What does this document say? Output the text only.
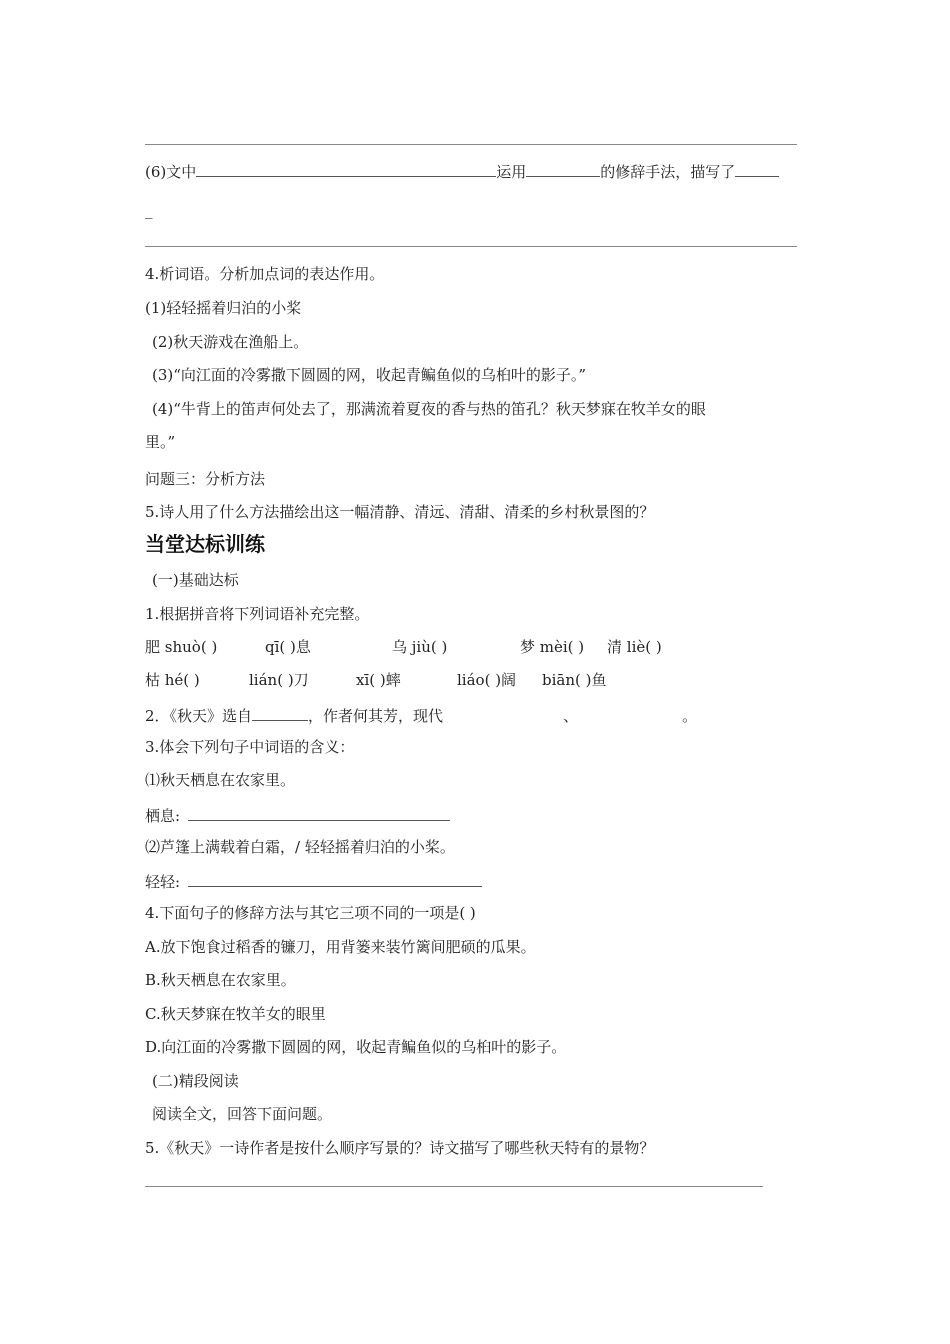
(6)文中	运用	的修辞手法，描写了
_
4.析词语。分析加点词的表达作用。
(1)轻轻摇着归泊的小桨
(2)秋天游戏在渔船上。
(3)“向江面的冷雾撒下圆圆的网，收起青鳊鱼似的乌桕叶的影子。”
(4)“牛背上的笛声何处去了，那满流着夏夜的香与热的笛孔？秋天梦寐在牧羊女的眼
里。”
问题三：分析方法
5.诗人用了什么方法描绘出这一幅清静、清远、清甜、清柔的乡村秋景图的？
当堂达标训练
(一)基础达标
1.根据拼音将下列词语补充完整。
肥 shuò( )	qī( )息	乌 jiù( )	梦 mèi( ) 清 liè( )
枯 hé( )	lián( )刀	xī( )蟀	liáo( )阔 biān( )鱼
2．《秋天》选自	，作者何其芳，现代	、	。
3.体会下列句子中词语的含义：
⑴秋天栖息在农家里。
栖息:
⑵芦篷上满载着白霜，/ 轻轻摇着归泊的小桨。
轻轻:
4.下面句子的修辞方法与其它三项不同的一项是( )
A.放下饱食过稻香的镰刀，用背篓来装竹篱间肥硕的瓜果。
B.秋天栖息在农家里。
C.秋天梦寐在牧羊女的眼里
D.向江面的冷雾撒下圆圆的网，收起青鳊鱼似的乌桕叶的影子。
(二)精段阅读
阅读全文，回答下面问题。
5.《秋天》一诗作者是按什么顺序写景的？诗文描写了哪些秋天特有的景物？
